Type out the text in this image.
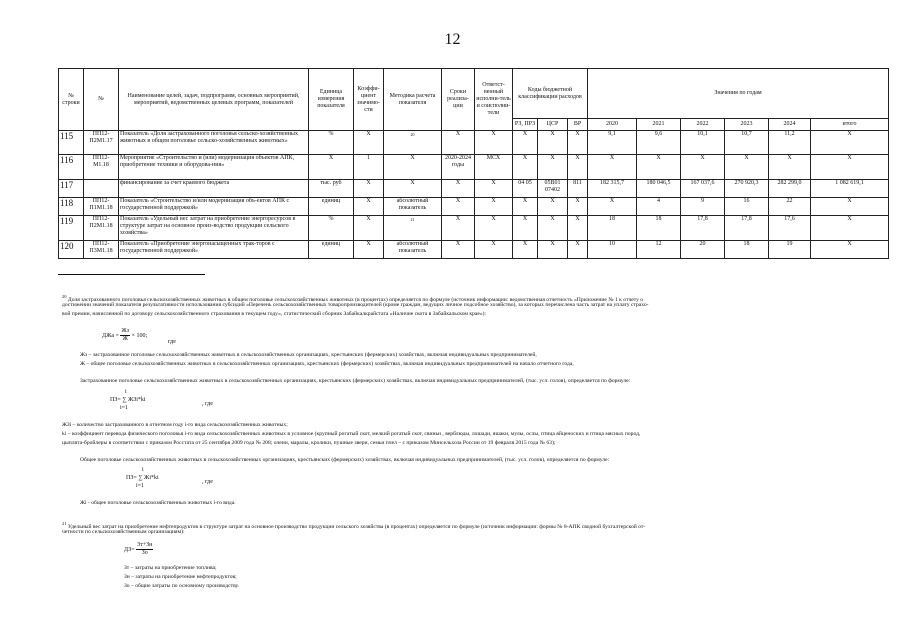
12
№ строки	№	Наименование целей, задач, подпрограмм, основных мероприятий, мероприятий, ведомственных целевых программ, показателей	Единица измерения показателя	Коэффи-циент значимо-сти	Методика расчета показателя	Сроки реализа-ции	Ответст-венный исполни-тель и соисполни-тели	Коды бюджетной классификации расходов			Значения по годам					
								РЗ, ПРЗ	ЦСР	ВР	2020	2021	2022	2023	2024	итого
115	ПП12-П2М1.17	Показатель «Доля застрахованного поголовья сельско-хозяйственных животных в общем поголовье сельско-хозяйственных животных»	%	Х	20	Х	Х	Х	Х	Х	9,1	9,6	10,1	10,7	11,2	Х
116	ПП12-М1.18	Мероприятие «Строительство и (или) модернизация объектов АПК, приобретение техники и оборудова-ния»	Х	1	Х	2020-2024 годы	МСХ	Х	Х	Х	Х	Х	Х	Х	Х	Х
117		финансирование за счет краевого бюджета	тыс. руб	Х	Х	Х	Х	04 05	05В01 07402	811	182 315,7	180 046,5	167 037,6	270 920,3	282 299,0	1 082 619,1
118	ПП12-П1М1.18	Показатель «Строительство и/или модернизация объ-ектов АПК с государственной поддержкой»	единиц	Х	абсолютный показатель	Х	Х	Х	Х	Х	Х	4	9	16	22	Х
119	ПП12-П2М1.18	Показатель «Удельный вес затрат на приобретение энергоресурсов в структуре затрат на основное произ-водство продукции сельского хозяйства»	%	Х	21	Х	Х	Х	Х	Х	18	18	17,8	17,8	17,6	Х
120	ПП12-П3М1.18	Показатель «Приобретение энергонасыщенных трак-торов с государственной поддержкой»	единиц	Х	абсолютный показатель	Х	Х	Х	Х	Х	10	12	20	18	19	Х
$^{20}$ Доля застрахованного поголовья сельскохозяйственных животных в общем поголовье сельскохозяйственных животных (в процентах) определяется по формуле (источник информации: ведомственная отчетность «Приложение № 1 к отчету о
достижении значений показателя результативности использования субсидий «Перечень сельскохозяйственных товаропроизводителей (кроме граждан, ведущих личное подсобное хозяйство), за которых перечислена часть затрат на уплату страхо-
вой премии, начисленной по договору сельскохозяйственного страхования в текущем году», статистический сборник Забайкалкрайстата «Наличие скота в Забайкальском крае»):
ДЖа = $\frac{Жз}{Ж} \times 100$;
где
Жз – застрахованное поголовье сельскохозяйственных животных в сельскохозяйственных организациях, крестьянских (фермерских) хозяйствах, включая индивидуальных предпринимателей,
Ж – общее поголовье сельскохозяйственных животных в сельскохозяйственных организациях, крестьянских (фермерских) хозяйствах, включая индивидуальных предпринимателей на начало отчетного года,
Застрахованное поголовье сельскохозяйственных животных в сельскохозяйственных организациях, крестьянских (фермерских) хозяйствах, включая индивидуальных предпринимателей, (тыс. усл. голов), определяется по формуле:
i
ПЗ= ∑ ЖЗi*ki
i=1
, где
ЖЗi – количество застрахованного в отчетном году i-го вида сельскохозяйственных животных;
ki – коэффициент перевода физического поголовья i-го вида сельскохозяйственных животных в условное (крупный рогатый скот, мелкий рогатый скот, свиньи , верблюды, лошади, яшаки, мулы, ослы, птица яйценоских и птица мясных пород,
цыплята-бройлеры в соответствии с приказом Росстата от 25 сентября 2009 года № 208; олени, маралы, кролики, пушные звери, семьи пчел – с приказом Минсельхоза России от 19 февраля 2015 года № 63);
Общее поголовье сельскохозяйственных животных в сельскохозяйственных организациях, крестьянских (фермерских) хозяйствах, включая индивидуальных предпринимателей, (тыс. усл. голов), определяется по формуле:
i
ПЗ= ∑ Жi*ki
i=1
, где
Жi - общее поголовье сельскохозяйственных животных i-го вида.
$^{21}$ Удельный вес затрат на приобретение нефтепродуктов в структуре затрат на основное производство продукции сельского хозяйства (в процентах) определяется по формуле (источник информации: формы № 8-АПК сводной бухгалтерской от-
четности по сельскохозяйственным организациям):
$ДЗ= \frac{Зт+Зн}{Зо}$
Зт – затраты на приобретение топлива;
Зн – затраты на приобретение нефтепродуктов;
Зо – общие затраты по основному производству.
